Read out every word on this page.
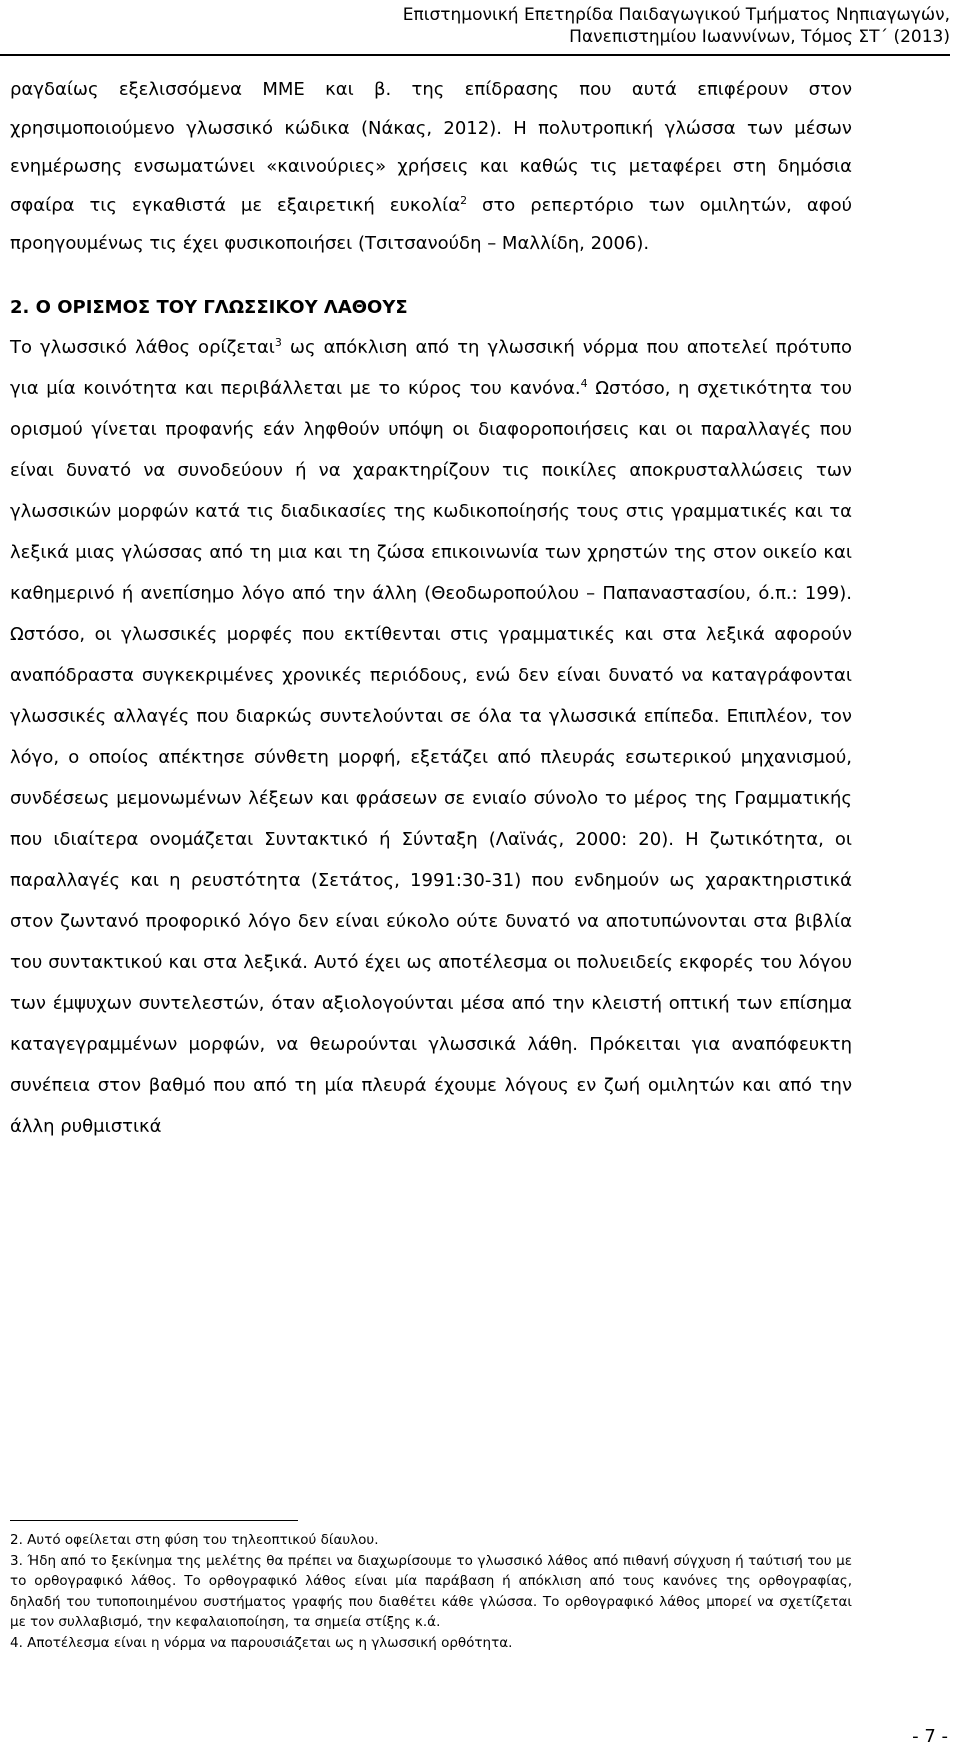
Επιστημονική Επετηρίδα Παιδαγωγικού Τμήματος Νηπιαγωγών,
Πανεπιστημίου Ιωαννίνων, Τόμος ΣΤ΄ (2013)

ραγδαίως εξελισσόμενα ΜΜΕ και β. της επίδρασης που αυτά επιφέρουν στον χρησιμοποιούμενο γλωσσικό κώδικα (Νάκας, 2012). Η πολυτροπική γλώσσα των μέσων ενημέρωσης ενσωματώνει «καινούριες» χρήσεις και καθώς τις μεταφέρει στη δημόσια σφαίρα τις εγκαθιστά με εξαιρετική ευκολία$^2$ στο ρεπερτόριο των ομιλητών, αφού προηγουμένως τις έχει φυσικοποιήσει (Τσιτσανούδη – Μαλλίδη, 2006).

2. Ο ΟΡΙΣΜΟΣ ΤΟΥ ΓΛΩΣΣΙΚΟΥ ΛΑΘΟΥΣ

Το γλωσσικό λάθος ορίζεται$^3$ ως απόκλιση από τη γλωσσική νόρμα που αποτελεί πρότυπο για μία κοινότητα και περιβάλλεται με το κύρος του κανόνα.$^4$ Ωστόσο, η σχετικότητα του ορισμού γίνεται προφανής εάν ληφθούν υπόψη οι διαφοροποιήσεις και οι παραλλαγές που είναι δυνατό να συνοδεύουν ή να χαρακτηρίζουν τις ποικίλες αποκρυσταλλώσεις των γλωσσικών μορφών κατά τις διαδικασίες της κωδικοποίησής τους στις γραμματικές και τα λεξικά μιας γλώσσας από τη μια και τη ζώσα επικοινωνία των χρηστών της στον οικείο και καθημερινό ή ανεπίσημο λόγο από την άλλη (Θεοδωροπούλου – Παπαναστασίου, ό.π.: 199). Ωστόσο, οι γλωσσικές μορφές που εκτίθενται στις γραμματικές και στα λεξικά αφορούν αναπόδραστα συγκεκριμένες χρονικές περιόδους, ενώ δεν είναι δυνατό να καταγράφονται γλωσσικές αλλαγές που διαρκώς συντελούνται σε όλα τα γλωσσικά επίπεδα. Επιπλέον, τον λόγο, ο οποίος απέκτησε σύνθετη μορφή, εξετάζει από πλευράς εσωτερικού μηχανισμού, συνδέσεως μεμονωμένων λέξεων και φράσεων σε ενιαίο σύνολο το μέρος της Γραμματικής που ιδιαίτερα ονομάζεται Συντακτικό ή Σύνταξη (Λαϊνάς, 2000: 20). Η ζωτικότητα, οι παραλλαγές και η ρευστότητα (Σετάτος, 1991:30-31) που ενδημούν ως χαρακτηριστικά στον ζωντανό προφορικό λόγο δεν είναι εύκολο ούτε δυνατό να αποτυπώνονται στα βιβλία του συντακτικού και στα λεξικά. Αυτό έχει ως αποτέλεσμα οι πολυειδείς εκφορές του λόγου των έμψυχων συντελεστών, όταν αξιολογούνται μέσα από την κλειστή οπτική των επίσημα καταγεγραμμένων μορφών, να θεωρούνται γλωσσικά λάθη. Πρόκειται για αναπόφευκτη συνέπεια στον βαθμό που από τη μία πλευρά έχουμε λόγους εν ζωή ομιλητών και από την άλλη ρυθμιστικά

2. Αυτό οφείλεται στη φύση του τηλεοπτικού δίαυλου.

3. Ήδη από το ξεκίνημα της μελέτης θα πρέπει να διαχωρίσουμε το γλωσσικό λάθος από πιθανή σύγχυση ή ταύτισή του με το ορθογραφικό λάθος. Το ορθογραφικό λάθος είναι μία παράβαση ή απόκλιση από τους κανόνες της ορθογραφίας, δηλαδή του τυποποιημένου συστήματος γραφής που διαθέτει κάθε γλώσσα. Το ορθογραφικό λάθος μπορεί να σχετίζεται με τον συλλαβισμό, την κεφαλαιοποίηση, τα σημεία στίξης κ.ά.

4. Αποτέλεσμα είναι η νόρμα να παρουσιάζεται ως η γλωσσική ορθότητα.

- 7 -
